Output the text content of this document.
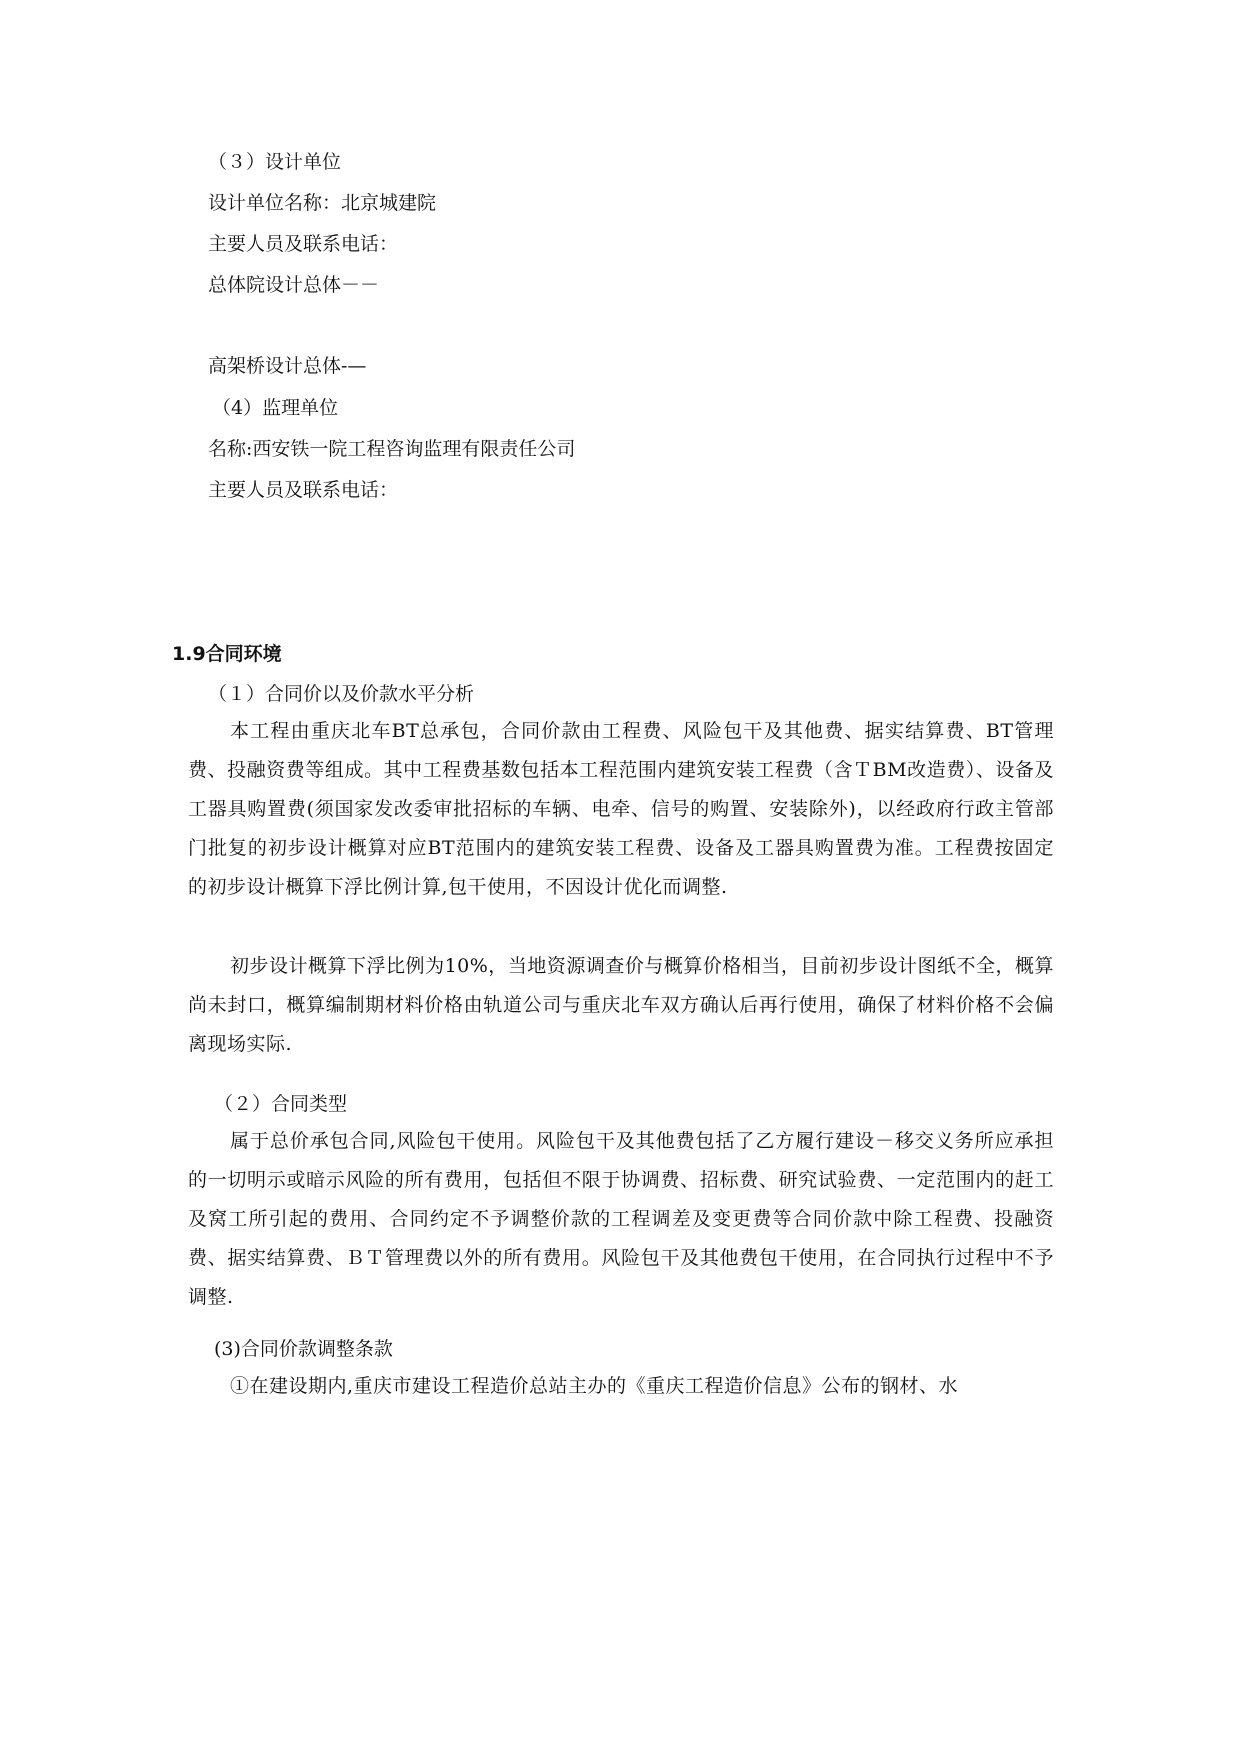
（３）设计单位
设计单位名称：北京城建院
主要人员及联系电话：
总体院设计总体－－
高架桥设计总体-—
（4）监理单位
名称:西安铁一院工程咨询监理有限责任公司
主要人员及联系电话：
1.9合同环境
（１）合同价以及价款水平分析
本工程由重庆北车BT总承包，合同价款由工程费、风险包干及其他费、据实结算费、BT管理费、投融资费等组成。其中工程费基数包括本工程范围内建筑安装工程费（含ＴBM改造费）、设备及工器具购置费(须国家发改委审批招标的车辆、电牵、信号的购置、安装除外)，以经政府行政主管部门批复的初步设计概算对应BT范围内的建筑安装工程费、设备及工器具购置费为准。工程费按固定的初步设计概算下浮比例计算,包干使用，不因设计优化而调整.
初步设计概算下浮比例为10%，当地资源调查价与概算价格相当，目前初步设计图纸不全，概算尚未封口，概算编制期材料价格由轨道公司与重庆北车双方确认后再行使用，确保了材料价格不会偏离现场实际.
（２）合同类型
属于总价承包合同,风险包干使用。风险包干及其他费包括了乙方履行建设－移交义务所应承担的一切明示或暗示风险的所有费用，包括但不限于协调费、招标费、研究试验费、一定范围内的赶工及窝工所引起的费用、合同约定不予调整价款的工程调差及变更费等合同价款中除工程费、投融资费、据实结算费、ＢＴ管理费以外的所有费用。风险包干及其他费包干使用，在合同执行过程中不予调整.
(3)合同价款调整条款
①在建设期内,重庆市建设工程造价总站主办的《重庆工程造价信息》公布的钢材、水
